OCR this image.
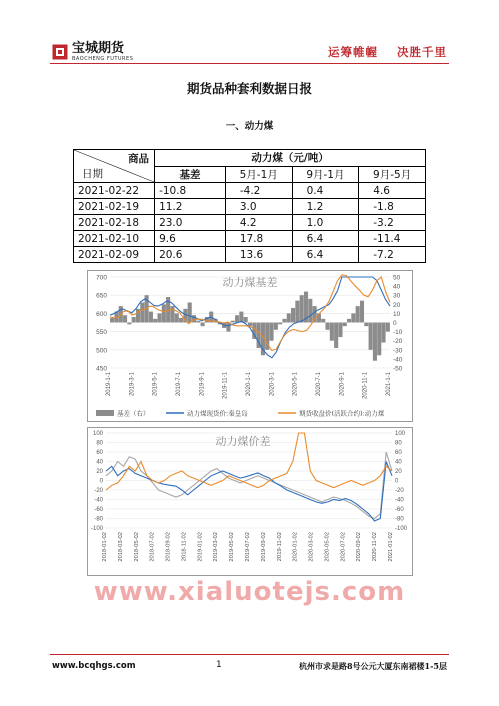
宝城期货
BAOCHENG FUTURES	运筹帷幄 决胜千里
期货品种套利数据日报
一、动力煤
商品
日期	动力煤（元/吨）			
	基差	5月-1月	9月-1月	9月-5月
2021-02-22	-10.8	-4.2	0.4	4.6
2021-02-19	11.2	3.0	1.2	-1.8
2021-02-18	23.0	4.2	1.0	-3.2
2021-02-10	9.6	17.8	6.4	-11.4
2021-02-09	20.6	13.6	6.4	-7.2
700
650
600
550
500
450
50
40
30
20
10
0
-10
-20
-30
-40
-50
动力煤基差
2019-1-1	2019-3-1	2019-5-1	2019-7-1	2019-9-1	2019-11-1	2020-1-1	2020-3-1	2020-5-1	2020-7-1	2020-9-1	2020-11-1	2021-1-1
基差（右）	动力煤现货价:秦皇岛	期货收盘价(活跃合约):动力煤
100
80
60
40
20
0
-20
-40
-60
-80
-100
100
80
60
40
20
0
-20
-40
-60
-80
-100
动力煤价差
2018-01-02 2018-03-02 2018-05-02 2018-07-02 2018-09-02 2018-11-02 2019-01-02 2019-03-02 2019-05-02 2019-07-02 2019-09-02 2019-11-02 2020-01-02 2020-03-02 2020-05-02 2020-07-02 2020-09-02 2020-11-02 2021-01-02
www.xialuotejs.com
www.bcqhgs.com	1	杭州市求是路8号公元大厦东南裙楼1-5层
